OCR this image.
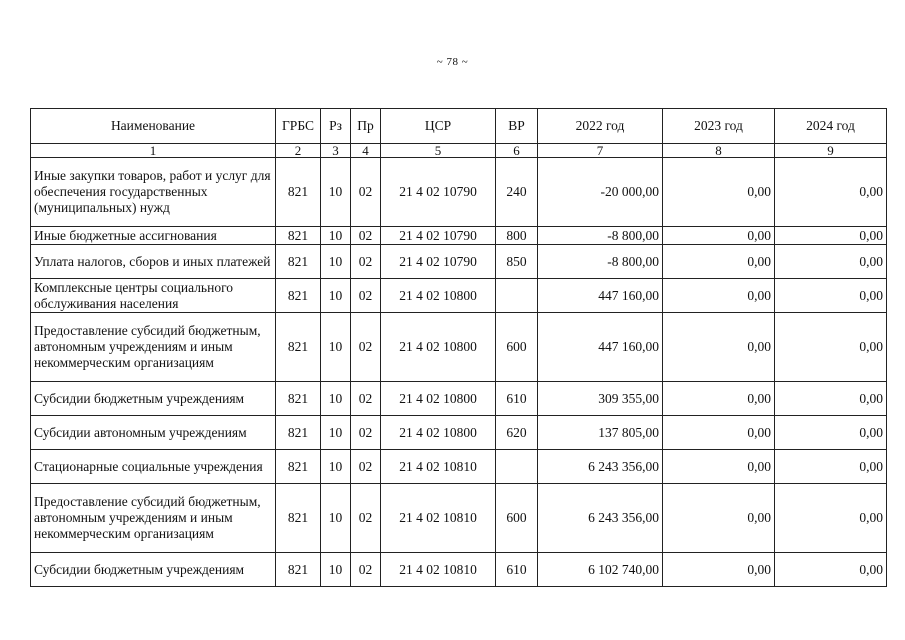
~ 78 ~
Наименование	ГРБС	Рз	Пр	ЦСР	ВР	2022 год	2023 год	2024 год
1	2	3	4	5	6	7	8	9
Иные закупки товаров, работ и услуг для обеспечения государственных (муниципальных) нужд	821	10	02	21 4 02 10790	240	-20 000,00	0,00	0,00
Иные бюджетные ассигнования	821	10	02	21 4 02 10790	800	-8 800,00	0,00	0,00
Уплата налогов, сборов и иных платежей	821	10	02	21 4 02 10790	850	-8 800,00	0,00	0,00
Комплексные центры социального обслуживания населения	821	10	02	21 4 02 10800		447 160,00	0,00	0,00
Предоставление субсидий бюджетным, автономным учреждениям и иным некоммерческим организациям	821	10	02	21 4 02 10800	600	447 160,00	0,00	0,00
Субсидии бюджетным учреждениям	821	10	02	21 4 02 10800	610	309 355,00	0,00	0,00
Субсидии автономным учреждениям	821	10	02	21 4 02 10800	620	137 805,00	0,00	0,00
Стационарные социальные учреждения	821	10	02	21 4 02 10810		6 243 356,00	0,00	0,00
Предоставление субсидий бюджетным, автономным учреждениям и иным некоммерческим организациям	821	10	02	21 4 02 10810	600	6 243 356,00	0,00	0,00
Субсидии бюджетным учреждениям	821	10	02	21 4 02 10810	610	6 102 740,00	0,00	0,00
